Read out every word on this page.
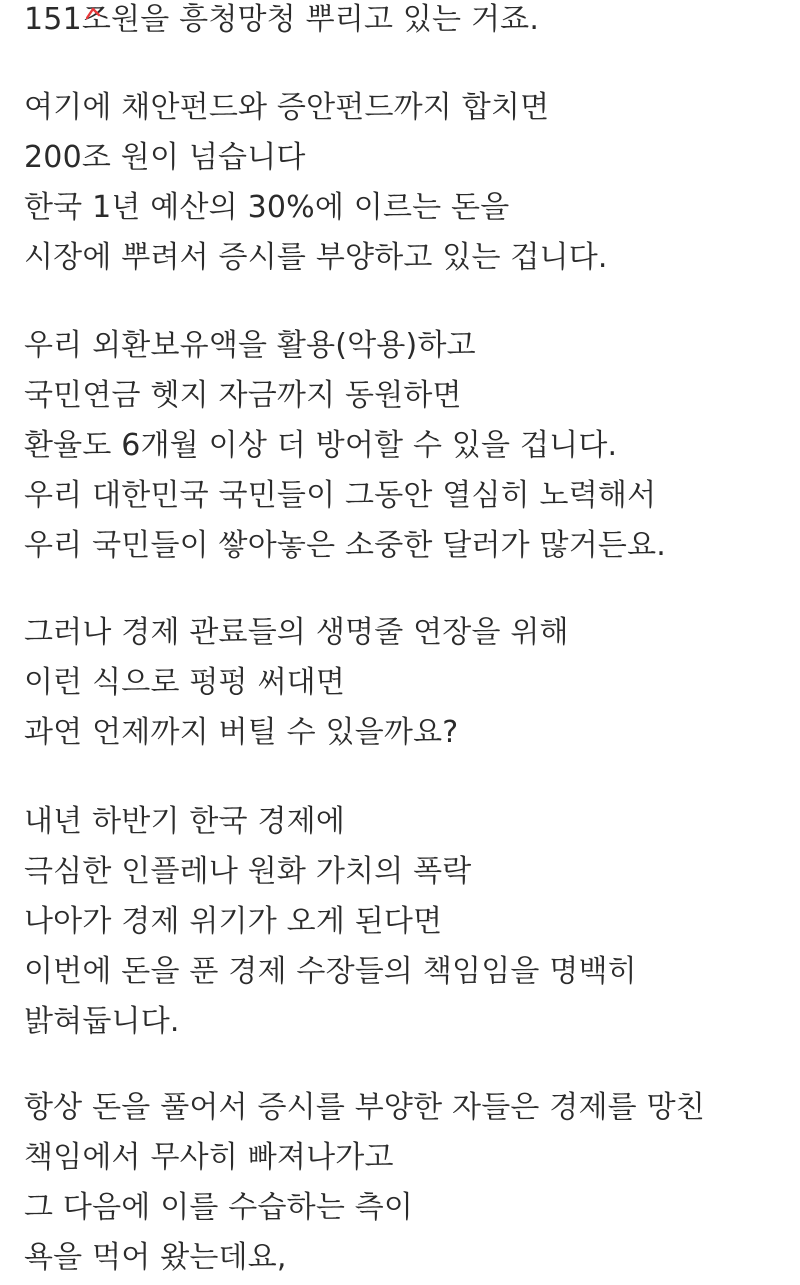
151조원을 흥청망청 뿌리고 있는 거죠.
여기에 채안펀드와 증안펀드까지 합치면
200조 원이 넘습니다
한국 1년 예산의 30%에 이르는 돈을
시장에 뿌려서 증시를 부양하고 있는 겁니다.
우리 외환보유액을 활용(악용)하고
국민연금 헷지 자금까지 동원하면
환율도 6개월 이상 더 방어할 수 있을 겁니다.
우리 대한민국 국민들이 그동안 열심히 노력해서
우리 국민들이 쌓아놓은 소중한 달러가 많거든요.
그러나 경제 관료들의 생명줄 연장을 위해
이런 식으로 펑펑 써대면
과연 언제까지 버틸 수 있을까요?
내년 하반기 한국 경제에
극심한 인플레나 원화 가치의 폭락
나아가 경제 위기가 오게 된다면
이번에 돈을 푼 경제 수장들의 책임임을 명백히
밝혀둡니다.
항상 돈을 풀어서 증시를 부양한 자들은 경제를 망친
책임에서 무사히 빠져나가고
그 다음에 이를 수습하는 측이
욕을 먹어 왔는데요,
